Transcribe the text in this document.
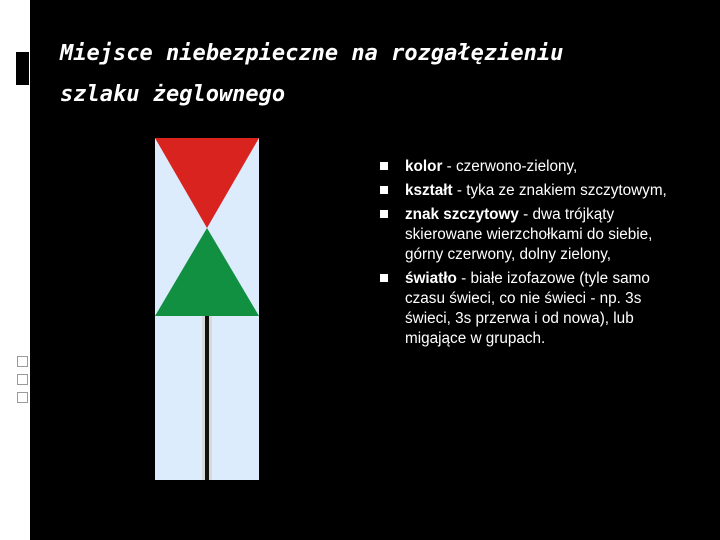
Miejsce niebezpieczne na rozgałęzieniu
szlaku żeglownego
kolor - czerwono-zielony,
kształt - tyka ze znakiem szczytowym,
znak szczytowy - dwa trójkąty skierowane wierzchołkami do siebie, górny czerwony, dolny zielony,
światło - białe izofazowe (tyle samo czasu świeci, co nie świeci - np. 3s świeci, 3s przerwa i od nowa), lub migające w grupach.
